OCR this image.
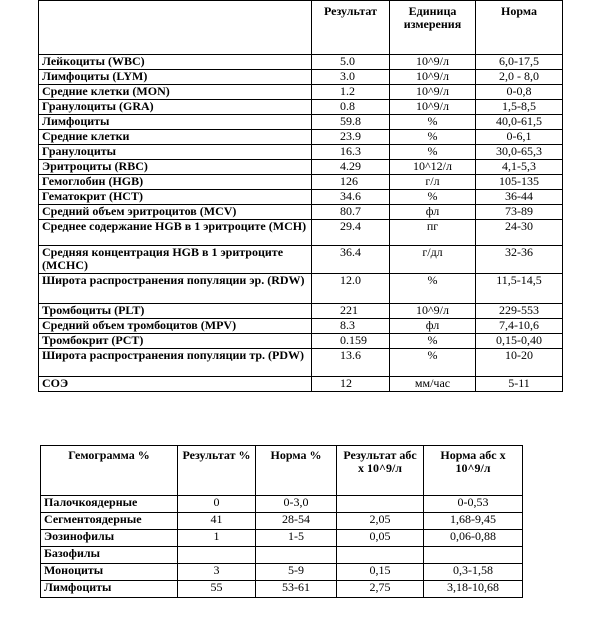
	Результат	Единица измерения	Норма
Лейкоциты (WBC)	5.0	10^9/л	6,0-17,5
Лимфоциты (LYM)	3.0	10^9/л	2,0 - 8,0
Средние клетки (MON)	1.2	10^9/л	0-0,8
Гранулоциты (GRA)	0.8	10^9/л	1,5-8,5
Лимфоциты	59.8	%	40,0-61,5
Средние клетки	23.9	%	0-6,1
Гранулоциты	16.3	%	30,0-65,3
Эритроциты (RBC)	4.29	10^12/л	4,1-5,3
Гемоглобин (HGB)	126	г/л	105-135
Гематокрит (HCT)	34.6	%	36-44
Средний объем эритроцитов (MCV)	80.7	фл	73-89
Среднее содержание HGB в 1 эритроците (MCH)	29.4	пг	24-30
Средняя концентрация HGB в 1 эритроците (MCHC)	36.4	г/дл	32-36
Широта распространения популяции эр. (RDW)	12.0	%	11,5-14,5
Тромбоциты (PLT)	221	10^9/л	229-553
Средний объем тромбоцитов (MPV)	8.3	фл	7,4-10,6
Тромбокрит (PCT)	0.159	%	0,15-0,40
Широта распространения популяции тр. (PDW)	13.6	%	10-20
СОЭ	12	мм/час	5-11
Гемограмма %	Результат %	Норма %	Результат абс х 10^9/л	Норма абс х 10^9/л
Палочкоядерные	0	0-3,0		0-0,53
Сегментоядерные	41	28-54	2,05	1,68-9,45
Эозинофилы	1	1-5	0,05	0,06-0,88
Базофилы				
Моноциты	3	5-9	0,15	0,3-1,58
Лимфоциты	55	53-61	2,75	3,18-10,68
